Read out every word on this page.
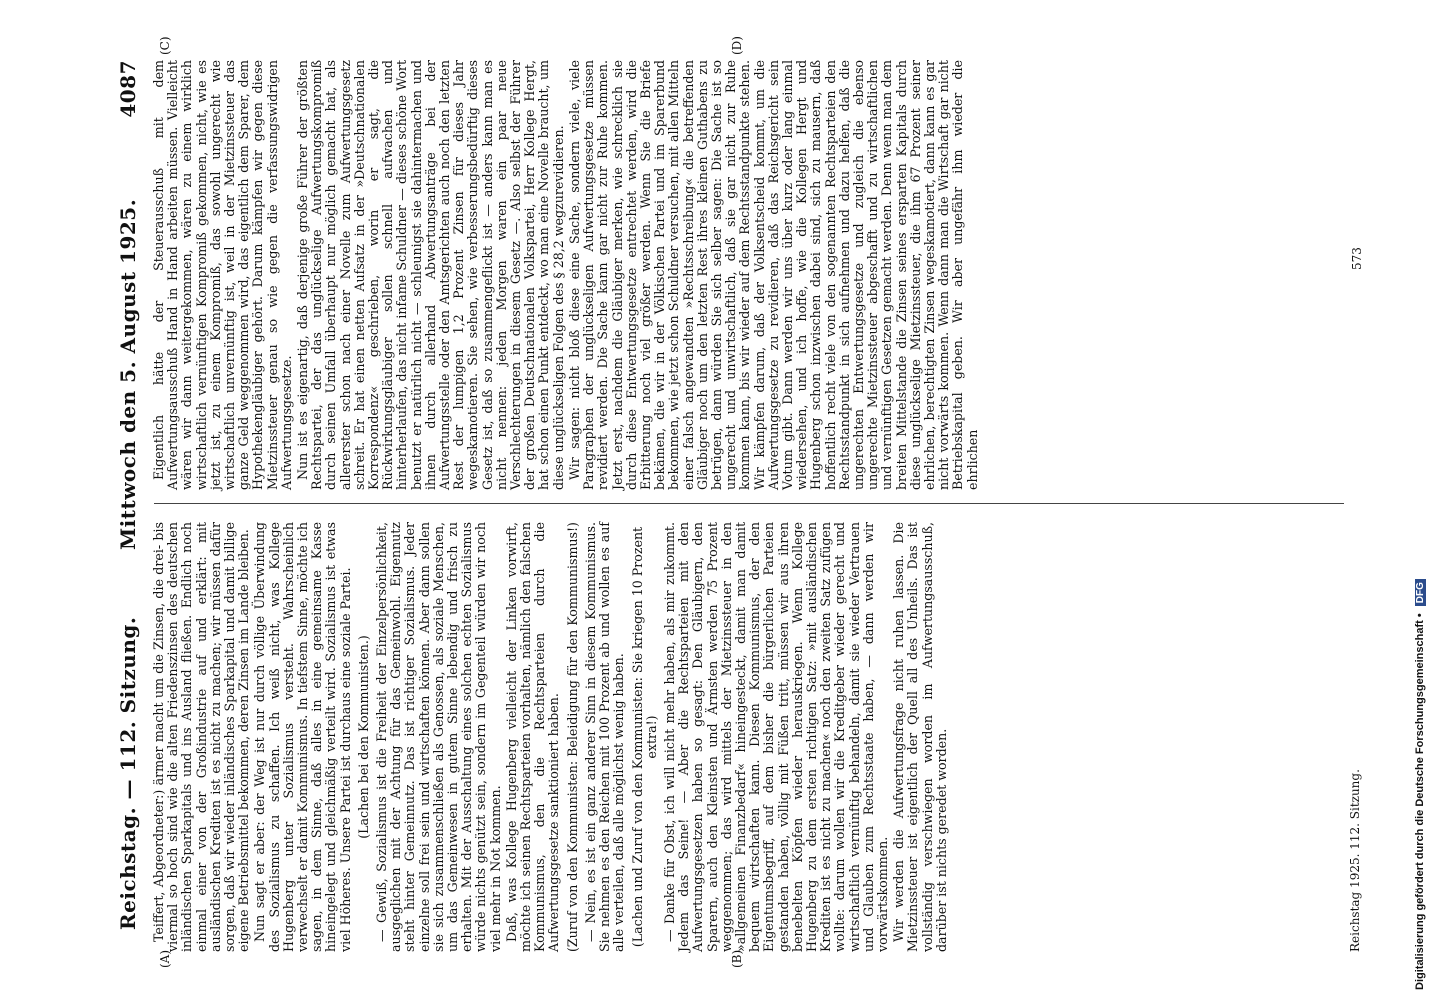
Reichstag. — 112. Sitzung.
Mittwoch den 5. August 1925.
4087
(A)	(B)
(C)	(D)

Teiffert, Abgeordneter:) ärmer macht um die Zinsen, die drei- bis viermal so hoch sind wie die alten Friedenszinsen des deutschen inländischen Sparkapitals und ins Ausland fließen. Endlich noch einmal einer von der Großindustrie auf und erklärt: mit ausländischen Krediten ist es nicht zu machen; wir müssen dafür sorgen, daß wir wieder inländisches Sparkapital und damit billige eigene Betriebsmittel bekommen, deren Zinsen im Lande bleiben. Nun sagt er aber: der Weg ist nur durch völlige Überwindung des Sozialismus zu schaffen. Ich weiß nicht, was Kollege Hugenberg unter Sozialismus versteht. Wahrscheinlich verwechselt er damit Kommunismus. In tiefstem Sinne, möchte ich sagen, in dem Sinne, daß alles in eine gemeinsame Kasse hineingelegt und gleichmäßig verteilt wird. Sozialismus ist etwas viel Höheres. Unsere Partei ist durchaus eine soziale Partei. (Lachen bei den Kommunisten.) — Gewiß, Sozialismus ist die Freiheit der Einzelpersönlichkeit, ausgeglichen mit der Achtung für das Gemeinwohl. Eigennutz steht hinter Gemeinnutz. Das ist richtiger Sozialismus. Jeder einzelne soll frei sein und wirtschaften können. Aber dann sollen sie sich zusammenschließen als Genossen, als soziale Menschen, um das Gemeinwesen in gutem Sinne lebendig und frisch zu erhalten. Mit der Ausschaltung eines solchen echten Sozialismus würde nichts genützt sein, sondern im Gegenteil würden wir noch viel mehr in Not kommen. Daß, was Kollege Hugenberg vielleicht der Linken vorwirft, möchte ich seinen Rechtsparteien vorhalten, nämlich den falschen Kommunismus, den die Rechtsparteien durch die Aufwertungsgesetze sanktioniert haben. (Zuruf von den Kommunisten: Beleidigung für den Kommunismus!) — Nein, es ist ein ganz anderer Sinn in diesem Kommunismus. Sie nehmen es den Reichen mit 100 Prozent ab und wollen es auf alle verteilen, daß alle möglichst wenig haben. (Lachen und Zuruf von den Kommunisten: Sie kriegen 10 Prozent extra!) — Danke für Obst, ich will nicht mehr haben, als mir zukommt. Jedem das Seine! — Aber die Rechtsparteien mit den Aufwertungsgesetzen haben so gesagt: Den Gläubigern, den Sparern, auch den Kleinsten und Ärmsten werden 75 Prozent weggenommen; das wird mittels der Mietzinssteuer in den »allgemeinen Finanzbedarf« hineingesteckt, damit man damit bequem wirtschaften kann. Diesen Kommunismus, der den Eigentumsbegriff, auf dem bisher die bürgerlichen Parteien gestanden haben, völlig mit Füßen tritt, müssen wir aus ihren benebelten Köpfen wieder herauskriegen. Wenn Kollege Hugenberg zu dem ersten richtigen Satz: »mit ausländischen Krediten ist es nicht zu machen« noch den zweiten Satz zufügen wollte: darum wollen wir die Kreditgeber wieder gerecht und wirtschaftlich vernünftig behandeln, damit sie wieder Vertrauen und Glauben zum Rechtsstaate haben, — dann werden wir vorwärtskommen. Wir werden die Aufwertungsfrage nicht ruhen lassen. Die Mietzinssteuer ist eigentlich der Quell all des Unheils. Das ist vollständig verschwiegen worden im Aufwertungsausschuß, darüber ist nichts geredet worden.

Eigentlich hätte der Steuerausschuß mit dem Aufwertungsausschuß Hand in Hand arbeiten müssen. Vielleicht wären wir dann weitergekommen, wären zu einem wirklich wirtschaftlich vernünftigen Kompromiß gekommen, nicht, wie es jetzt ist, zu einem Kompromiß, das sowohl ungerecht wie wirtschaftlich unvernünftig ist, weil in der Mietzinssteuer das ganze Geld weggenommen wird, das eigentlich dem Sparer, dem Hypothekengläubiger gehört. Darum kämpfen wir gegen diese Mietzinssteuer genau so wie gegen die verfassungswidrigen Aufwertungsgesetze. Nun ist es eigenartig, daß derjenige große Führer der größten Rechtspartei, der das unglückselige Aufwertungskompromiß durch seinen Umfall überhaupt nur möglich gemacht hat, als allererster schon nach einer Novelle zum Aufwertungsgesetz schreit. Er hat einen netten Aufsatz in der »Deutschnationalen Korrespondenz« geschrieben, worin er sagt, die Rückwirkungsgläubiger sollen schnell aufwachen und hinterherlaufen, das nicht infame Schuldner — dieses schöne Wort benutzt er natürlich nicht — schleunigst sie dahintermachen und ihnen durch allerhand Abwertungsanträge bei der Aufwertungsstelle oder den Amtsgerichten auch noch den letzten Rest der lumpigen 1,2 Prozent Zinsen für dieses Jahr wegeskamotieren. Sie sehen, wie verbesserungsbedürftig dieses Gesetz ist, daß so zusammengeflickt ist — anders kann man es nicht nennen: jeden Morgen waren ein paar neue Verschlechterungen in diesem Gesetz —. Also selbst der Führer der großen Deutschnationalen Volkspartei, Herr Kollege Hergt, hat schon einen Punkt entdeckt, wo man eine Novelle braucht, um diese unglückseligen Folgen des § 28,2 wegzurevidieren. Wir sagen: nicht bloß diese eine Sache, sondern viele, viele Paragraphen der unglückseligen Aufwertungsgesetze müssen revidiert werden. Die Sache kann gar nicht zur Ruhe kommen. Jetzt erst, nachdem die Gläubiger merken, wie schrecklich sie durch diese Entwertungsgesetze entrechtet werden, wird die Erbitterung noch viel größer werden. Wenn Sie die Briefe bekämen, die wir in der Völkischen Partei und im Sparerbund bekommen, wie jetzt schon Schuldner versuchen, mit allen Mitteln einer falsch angewandten »Rechtsschreibung« die betreffenden Gläubiger noch um den letzten Rest ihres kleinen Guthabens zu betrügen, dann würden Sie sich selber sagen: Die Sache ist so ungerecht und unwirtschaftlich, daß sie gar nicht zur Ruhe kommen kann, bis wir wieder auf dem Rechtsstandpunkte stehen. Wir kämpfen darum, daß der Volksentscheid kommt, um die Aufwertungsgesetze zu revidieren, daß das Reichsgericht sein Votum gibt. Dann werden wir uns über kurz oder lang einmal wiedersehen, und ich hoffe, wie die Kollegen Hergt und Hugenberg schon inzwischen dabei sind, sich zu mausern, daß hoffentlich recht viele von den sogenannten Rechtsparteien den Rechtsstandpunkt in sich aufnehmen und dazu helfen, daß die ungerechten Entwertungsgesetze und zugleich die ebenso ungerechte Mietzinssteuer abgeschafft und zu wirtschaftlichen und vernünftigen Gesetzen gemacht werden. Denn wenn man dem breiten Mittelstande die Zinsen seines ersparten Kapitals durch diese unglückselige Mietzinssteuer, die ihm 67 Prozent seiner ehrlichen, berechtigten Zinsen wegeskamotiert, dann kann es gar nicht vorwärts kommen. Wenn dann man die Wirtschaft gar nicht Betriebskapital geben. Wir aber ungefähr ihm wieder die ehrlichen

Reichstag 1925. 112. Sitzung.
573
Digitalisierung gefördert durch die Deutsche Forschungsgemeinschaft • DFG
